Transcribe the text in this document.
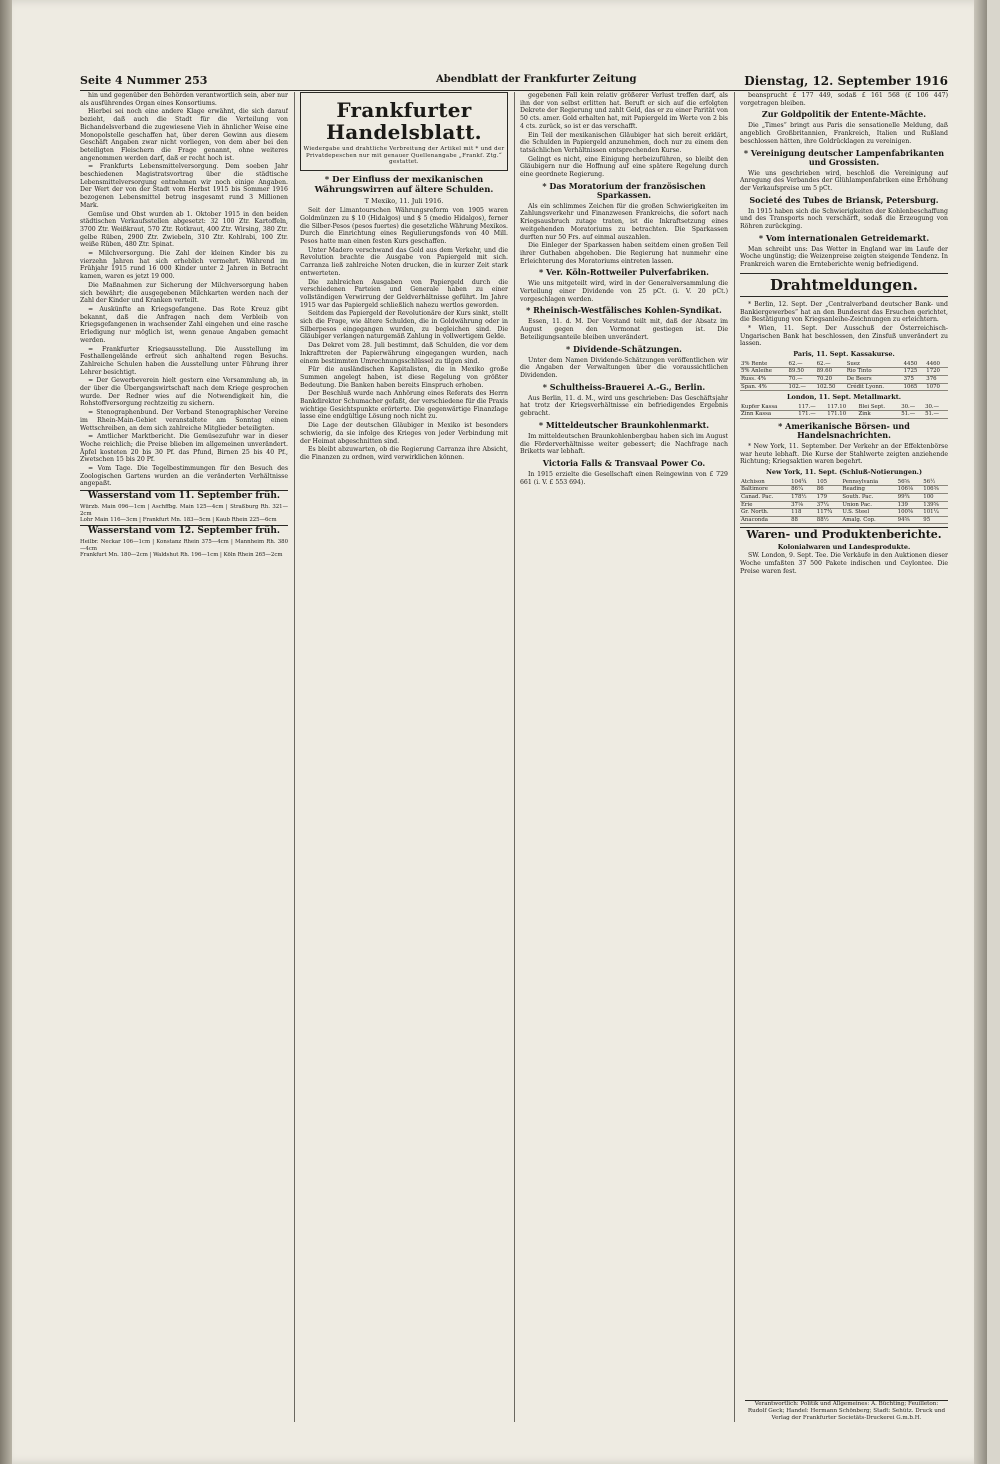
Seite 4 Nummer 253	Abendblatt der Frankfurter Zeitung	Dienstag, 12. September 1916

hin und gegenüber den Behörden verantwortlich sein, aber nur als ausführendes Organ eines Konsortiums.

Hierbei sei noch eine andere Klage erwähnt, die sich darauf bezieht, daß auch die Stadt für die Verteilung von Bichandelsverband die zugewiesene Vieh in ähnlicher Weise eine Monopolstelle geschaffen hat, über deren Gewinn aus diesem Geschäft Angaben zwar nicht vorliegen, von dem aber bei den beteiligten Fleischern die Frage genannt, ohne weiteres angenommen werden darf, daß er recht hoch ist.

= Frankfurts Lebensmittelversorgung. Dem soeben Jahr beschiedenen Magistratsvortrag über die städtische Lebensmittelversorgung entnehmen wir noch einige Angaben. Der Wert der von der Stadt vom Herbst 1915 bis Sommer 1916 bezogenen Lebensmittel betrug insgesamt rund 3 Millionen Mark.

Gemüse und Obst wurden ab 1. Oktober 1915 in den beiden städtischen Verkaufsstellen abgesetzt: 32 100 Ztr. Kartoffeln, 3700 Ztr. Weißkraut, 570 Ztr. Rotkraut, 400 Ztr. Wirsing, 380 Ztr. gelbe Rüben, 2900 Ztr. Zwiebeln, 310 Ztr. Kohlrabi, 100 Ztr. weiße Rüben, 480 Ztr. Spinat.

= Milchversorgung. Die Zahl der kleinen Kinder bis zu vierzehn Jahren hat sich erheblich vermehrt. Während im Frühjahr 1915 rund 16 000 Kinder unter 2 Jahren in Betracht kamen, waren es jetzt 19 000.

Die Maßnahmen zur Sicherung der Milchversorgung haben sich bewährt; die ausgegebenen Milchkarten werden nach der Zahl der Kinder und Kranken verteilt.

= Auskünfte an Kriegsgefangene. Das Rote Kreuz gibt bekannt, daß die Anfragen nach dem Verbleib von Kriegsgefangenen in wachsender Zahl eingehen und eine rasche Erledigung nur möglich ist, wenn genaue Angaben gemacht werden.

= Frankfurter Kriegsausstellung. Die Ausstellung im Festhallengelände erfreut sich anhaltend regen Besuchs. Zahlreiche Schulen haben die Ausstellung unter Führung ihrer Lehrer besichtigt.

= Der Gewerbeverein hielt gestern eine Versammlung ab, in der über die Übergangswirtschaft nach dem Kriege gesprochen wurde. Der Redner wies auf die Notwendigkeit hin, die Rohstoffversorgung rechtzeitig zu sichern.

= Stenographenbund. Der Verband Stenographischer Vereine im Rhein-Main-Gebiet veranstaltete am Sonntag einen Wettschreiben, an dem sich zahlreiche Mitglieder beteiligten.

= Amtlicher Marktbericht. Die Gemüsezufuhr war in dieser Woche reichlich; die Preise blieben im allgemeinen unverändert. Äpfel kosteten 20 bis 30 Pf. das Pfund, Birnen 25 bis 40 Pf., Zwetschen 15 bis 20 Pf.

= Vom Tage. Die Tegelbestimmungen für den Besuch des Zoologischen Gartens wurden an die veränderten Verhältnisse angepaßt.

Wasserstand vom 11. September früh.
Würzb. Main 096—1cm | Aschffbg. Main 125—4cm | Straßburg Rh. 321—2cm
Lohr Main 116—3cm | Frankfurt Mn. 183—5cm | Kaub Rhein 225—6cm
Wasserstand vom 12. September früh.
Heilbr. Neckar 106—1cm | Konstanz Rhein 375—4cm | Mannheim Rh. 380—4cm
Frankfurt Mn. 180—2cm | Waldshut Rh. 196—1cm | Köln Rhein 265—2cm
Frankfurter Handelsblatt.
Wiedergabe und drahtliche Verbreitung der Artikel mit * und der Privatdepeschen nur mit genauer Quellenangabe „Frankf. Ztg.“ gestattet.
* Der Einfluss der mexikanischen Währungswirren auf ältere Schulden.
T Mexiko, 11. Juli 1916.

Seit der Limantourschen Währungsreform von 1905 waren Goldmünzen zu $ 10 (Hidalgos) und $ 5 (medio Hidalgos), ferner die Silber-Pesos (pesos fuertes) die gesetzliche Währung Mexikos. Durch die Einrichtung eines Regulierungsfonds von 40 Mill. Pesos hatte man einen festen Kurs geschaffen.

Unter Madero verschwand das Gold aus dem Verkehr, und die Revolution brachte die Ausgabe von Papiergeld mit sich. Carranza ließ zahlreiche Noten drucken, die in kurzer Zeit stark entwerteten.

Die zahlreichen Ausgaben von Papiergeld durch die verschiedenen Parteien und Generale haben zu einer vollständigen Verwirrung der Geldverhältnisse geführt. Im Jahre 1915 war das Papiergeld schließlich nahezu wertlos geworden.

Seitdem das Papiergeld der Revolutionäre der Kurs sinkt, stellt sich die Frage, wie ältere Schulden, die in Goldwährung oder in Silberpesos eingegangen wurden, zu begleichen sind. Die Gläubiger verlangen naturgemäß Zahlung in vollwertigem Gelde.

Das Dekret vom 28. Juli bestimmt, daß Schulden, die vor dem Inkrafttreten der Papierwährung eingegangen wurden, nach einem bestimmten Umrechnungsschlüssel zu tilgen sind.

Für die ausländischen Kapitalisten, die in Mexiko große Summen angelegt haben, ist diese Regelung von größter Bedeutung. Die Banken haben bereits Einspruch erhoben.

Der Beschluß wurde nach Anhörung eines Referats des Herrn Bankdirektor Schumacher gefaßt, der verschiedene für die Praxis wichtige Gesichtspunkte erörterte. Die gegenwärtige Finanzlage lasse eine endgültige Lösung noch nicht zu.

Die Lage der deutschen Gläubiger in Mexiko ist besonders schwierig, da sie infolge des Krieges von jeder Verbindung mit der Heimat abgeschnitten sind.

Es bleibt abzuwarten, ob die Regierung Carranza ihre Absicht, die Finanzen zu ordnen, wird verwirklichen können.

gegebenen Fall kein relativ größerer Verlust treffen darf, als ihn der von selbst erlitten hat. Beruft er sich auf die erfolgten Dekrete der Regierung und zahlt Geld, das er zu einer Parität von 50 cts. amer. Gold erhalten hat, mit Papiergeld im Werte von 2 bis 4 cts. zurück, so ist er das verschafft.

Ein Teil der mexikanischen Gläubiger hat sich bereit erklärt, die Schulden in Papiergeld anzunehmen, doch nur zu einem den tatsächlichen Verhältnissen entsprechenden Kurse.

Gelingt es nicht, eine Einigung herbeizuführen, so bleibt den Gläubigern nur die Hoffnung auf eine spätere Regelung durch eine geordnete Regierung.

* Das Moratorium der französischen Sparkassen.

Als ein schlimmes Zeichen für die großen Schwierigkeiten im Zahlungsverkehr und Finanzwesen Frankreichs, die sofort nach Kriegsausbruch zutage traten, ist die Inkraftsetzung eines weitgehenden Moratoriums zu betrachten. Die Sparkassen durften nur 50 Frs. auf einmal auszahlen.

Die Einleger der Sparkassen haben seitdem einen großen Teil ihrer Guthaben abgehoben. Die Regierung hat nunmehr eine Erleichterung des Moratoriums eintreten lassen.

* Ver. Köln-Rottweiler Pulverfabriken.

Wie uns mitgeteilt wird, wird in der Generalversammlung die Verteilung einer Dividende von 25 pCt. (i. V. 20 pCt.) vorgeschlagen werden.

* Rheinisch-Westfälisches Kohlen-Syndikat.

Essen, 11. d. M. Der Vorstand teilt mit, daß der Absatz im August gegen den Vormonat gestiegen ist. Die Beteiligungsanteile bleiben unverändert.

* Dividende-Schätzungen.

Unter dem Namen Dividende-Schätzungen veröffentlichen wir die Angaben der Verwaltungen über die voraussichtlichen Dividenden.

* Schultheiss-Brauerei A.-G., Berlin.

Aus Berlin, 11. d. M., wird uns geschrieben: Das Geschäftsjahr hat trotz der Kriegsverhältnisse ein befriedigendes Ergebnis gebracht.

* Mitteldeutscher Braunkohlenmarkt.

Im mitteldeutschen Braunkohlenbergbau haben sich im August die Förderverhältnisse weiter gebessert; die Nachfrage nach Briketts war lebhaft.

Victoria Falls & Transvaal Power Co.

In 1915 erzielte die Gesellschaft einen Reingewinn von £ 729 661 (i. V. £ 553 694).

beansprucht £ 177 449, sodaß £ 161 568 (£ 106 447) vorgetragen bleiben.

Zur Goldpolitik der Entente-Mächte.

Die „Times“ bringt aus Paris die sensationelle Meldung, daß angeblich Großbritannien, Frankreich, Italien und Rußland beschlossen hätten, ihre Goldrücklagen zu vereinigen.

* Vereinigung deutscher Lampenfabrikanten und Grossisten.

Wie uns geschrieben wird, beschloß die Vereinigung auf Anregung des Verbandes der Glühlampenfabriken eine Erhöhung der Verkaufspreise um 5 pCt.

Societé des Tubes de Briansk, Petersburg.

In 1915 haben sich die Schwierigkeiten der Kohlenbeschaffung und des Transports noch verschärft, sodaß die Erzeugung von Röhren zurückging.

* Vom internationalen Getreidemarkt.

Man schreibt uns: Das Wetter in England war im Laufe der Woche ungünstig; die Weizenpreise zeigten steigende Tendenz. In Frankreich waren die Ernteberichte wenig befriedigend.

Drahtmeldungen.

* Berlin, 12. Sept. Der „Centralverband deutscher Bank- und Bankiergewerbes“ hat an den Bundesrat das Ersuchen gerichtet, die Bestätigung von Kriegsanleihe-Zeichnungen zu erleichtern.

* Wien, 11. Sept. Der Ausschuß der Österreichisch-Ungarischen Bank hat beschlossen, den Zinsfuß unverändert zu lassen.

Paris, 11. Sept. Kassakurse.
3% Rente	62.—	62.—	Suez	4450	4460
5% Anleihe	89.50	89.60	Rio Tinto	1725	1720
Russ. 4%	70.—	70.20	De Beers	375	376
Span. 4%	102.—	102.50	Crédit Lyonn.	1065	1070
London, 11. Sept. Metallmarkt.
Kupfer Kassa	117.—	117.10	Blei Sept.	30.—	30.—
Zinn Kassa	171.—	171.10	Zink	51.—	51.—
* Amerikanische Börsen- und Handelsnachrichten.

* New York, 11. September. Der Verkehr an der Effektenbörse war heute lebhaft. Die Kurse der Stahlwerte zeigten anziehende Richtung; Kriegsaktien waren begehrt.

New York, 11. Sept. (Schluß-Notierungen.)
Atchison	104¾	105	Pennsylvania	56⅝	56½
Baltimore	86¼	86	Reading	106⅛	106⅜
Canad. Pac.	178½	179	South. Pac.	99¾	100
Erie	37⅛	37¼	Union Pac.	139	139⅝
Gr. North.	118	117¾	U.S. Steel	100⅝	101¼
Anaconda	88	88½	Amalg. Cop.	94⅜	95
Waren- und Produktenberichte.
Kolonialwaren und Landesprodukte.

SW. London, 9. Sept. Tee. Die Verkäufe in den Auktionen dieser Woche umfaßten 37 500 Pakete indischen und Ceylontee. Die Preise waren fest.

Verantwortlich: Politik und Allgemeines: A. Büchting; Feuilleton: Rudolf Geck; Handel: Hermann Schönberg; Stadt: Sehütz. Druck und Verlag der Frankfurter Societäts-Druckerei G.m.b.H.
